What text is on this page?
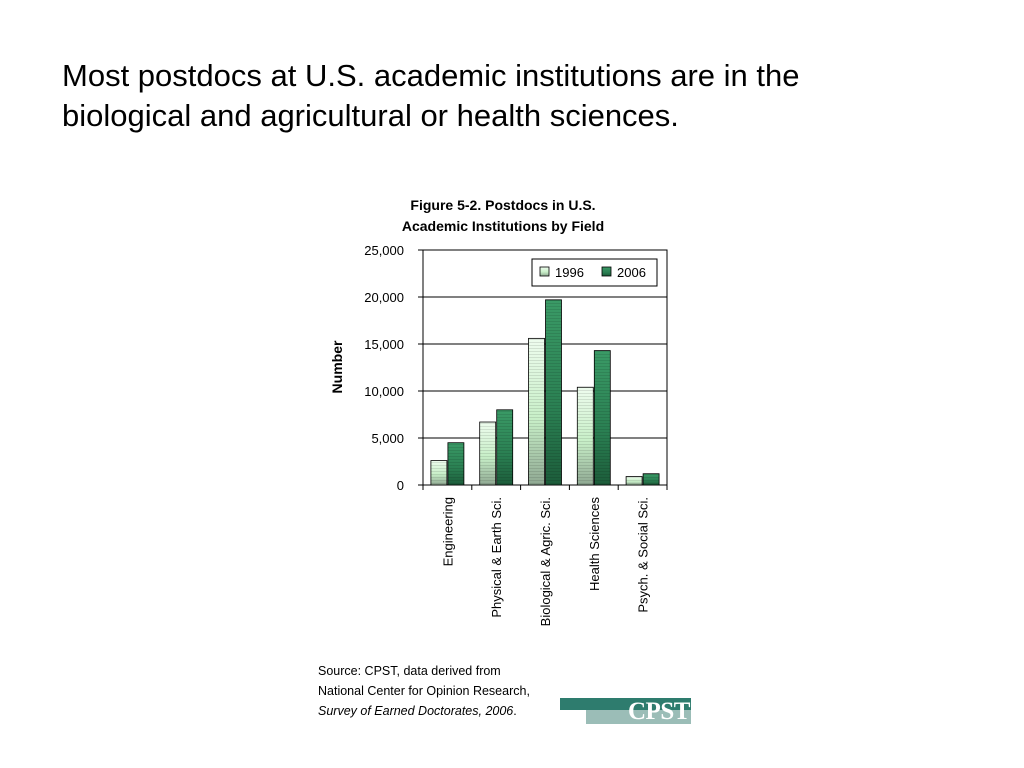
Most postdocs at U.S. academic institutions are in the
biological and agricultural or health sciences.
Figure 5-2. Postdocs in U.S.
Academic Institutions by Field
Number
0
5,000
10,000
15,000
20,000
25,000
Engineering	Physical & Earth Sci.	Biological & Agric. Sci.	Health Sciences	Psych. & Social Sci.
1996	2006
Source: CPST, data derived from
National Center for Opinion Research,
Survey of Earned Doctorates, 2006.	CPST
